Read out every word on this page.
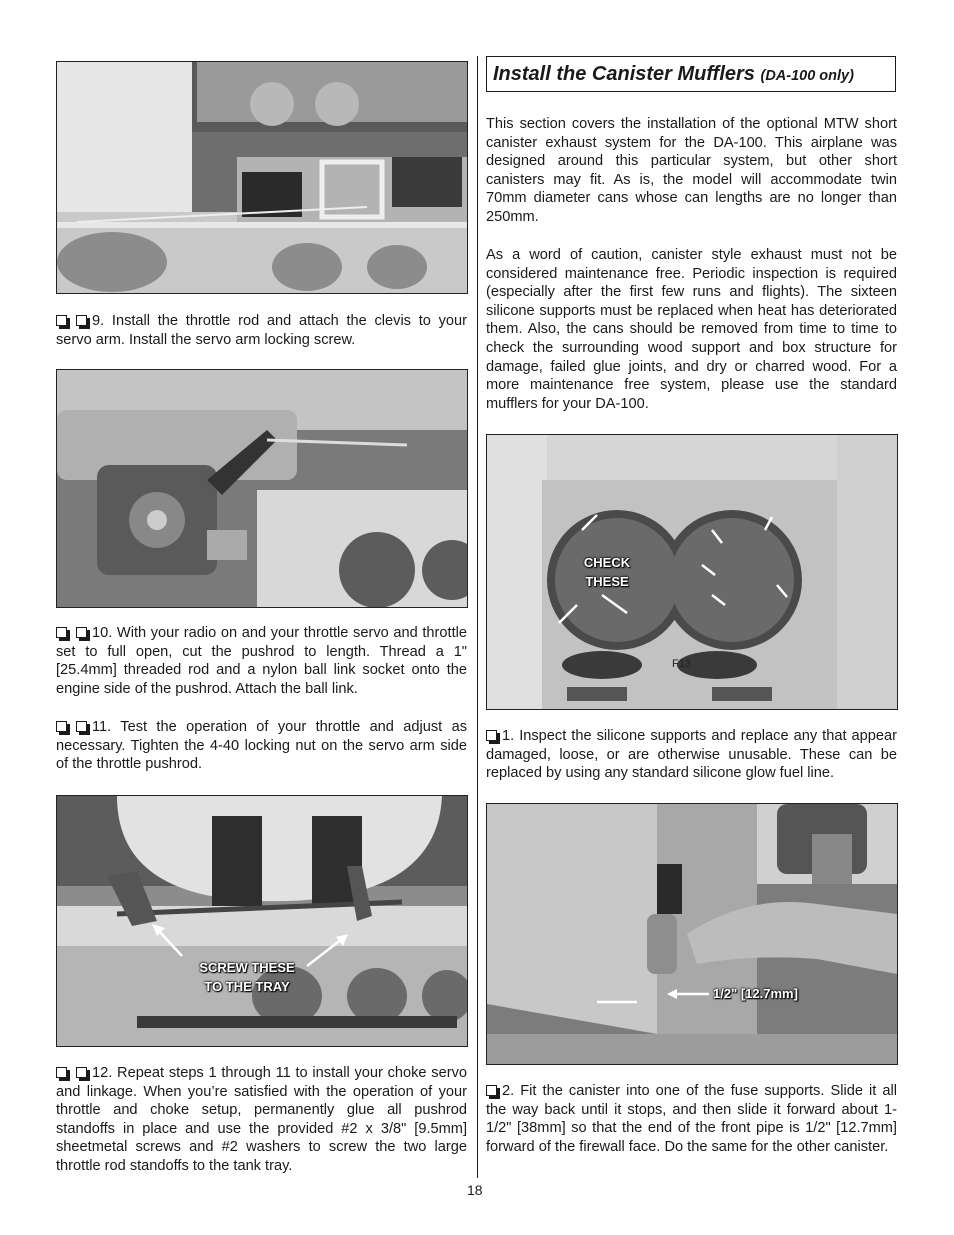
9. Install the throttle rod and attach the clevis to your servo arm. Install the servo arm locking screw.

10. With your radio on and your throttle servo and throttle set to full open, cut the pushrod to length. Thread a 1" [25.4mm] threaded rod and a nylon ball link socket onto the engine side of the pushrod. Attach the ball link.

11. Test the operation of your throttle and adjust as necessary. Tighten the 4-40 locking nut on the servo arm side of the throttle pushrod.

SCREW THESE
TO THE TRAY

12. Repeat steps 1 through 11 to install your choke servo and linkage. When you’re satisfied with the operation of your throttle and choke setup, permanently glue all pushrod standoffs in place and use the provided #2 x 3/8" [9.5mm] sheetmetal screws and #2 washers to screw the two large throttle rod standoffs to the tank tray.

Install the Canister Mufflers (DA-100 only)

This section covers the installation of the optional MTW short canister exhaust system for the DA-100. This airplane was designed around this particular system, but other short canisters may fit. As is, the model will accommodate twin 70mm diameter cans whose can lengths are no longer than 250mm.

As a word of caution, canister style exhaust must not be considered maintenance free. Periodic inspection is required (especially after the first few runs and flights). The sixteen silicone supports must be replaced when heat has deteriorated them. Also, the cans should be removed from time to time to check the surrounding wood support and box structure for damage, failed glue joints, and dry or charred wood. For a more maintenance free system, please use the standard mufflers for your DA-100.

CHECK
THESE
F13

1. Inspect the silicone supports and replace any that appear damaged, loose, or are otherwise unusable. These can be replaced by using any standard silicone glow fuel line.

1/2" [12.7mm]

2. Fit the canister into one of the fuse supports. Slide it all the way back until it stops, and then slide it forward about 1-1/2" [38mm] so that the end of the front pipe is 1/2" [12.7mm] forward of the firewall face. Do the same for the other canister.

18
